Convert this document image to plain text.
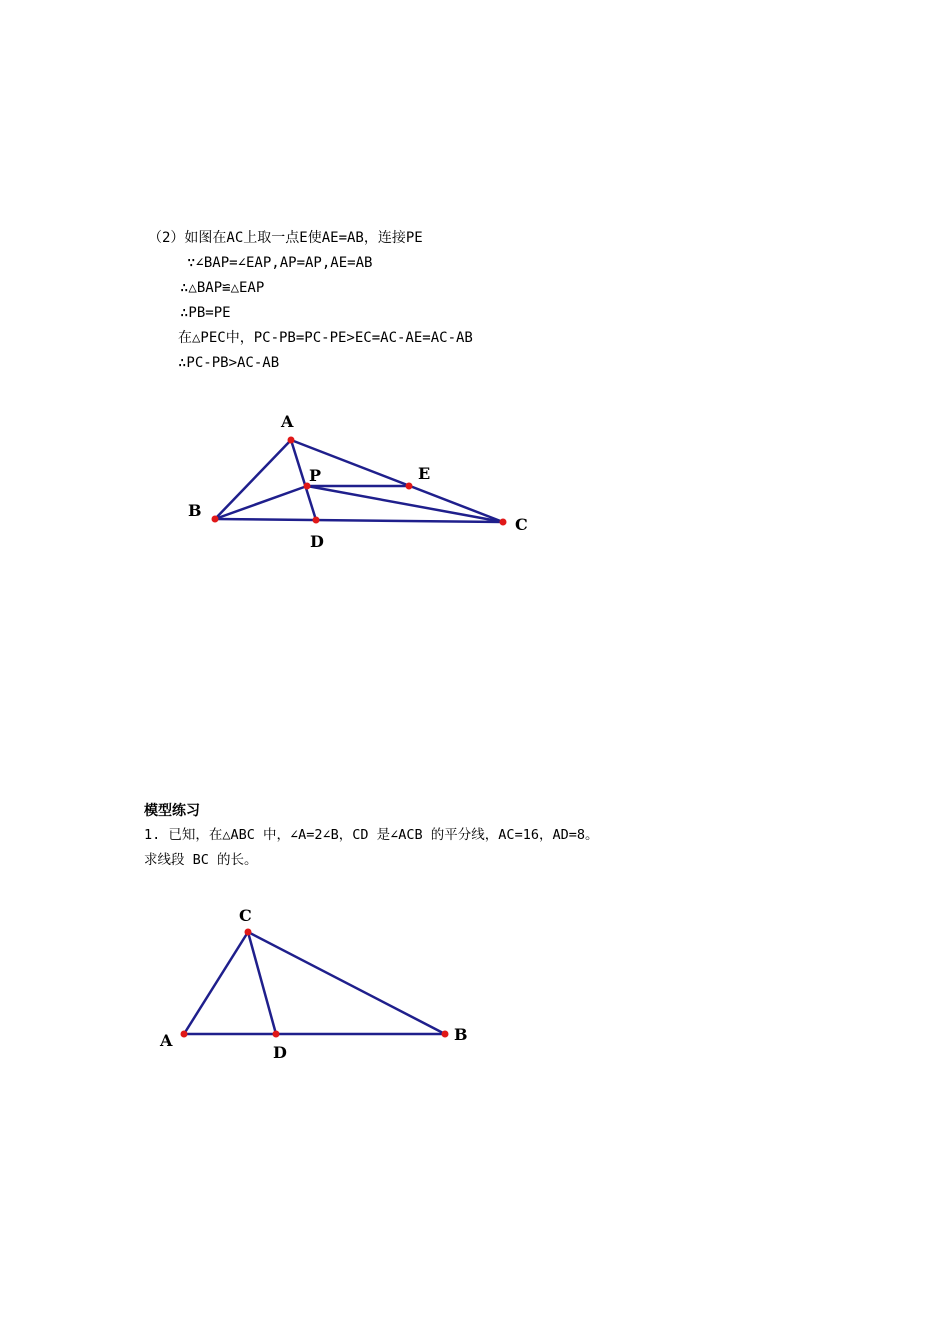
（2）如图在AC上取一点E使AE=AB，连接PE
∵∠BAP=∠EAP,AP=AP,AE=AB
∴△BAP≌△EAP
∴PB=PE
在△PEC中，PC-PB=PC-PE>EC=AC-AE=AC-AB
∴PC-PB>AC-AB
A
B
C
D
E
P
模型练习
1. 已知，在△ABC 中，∠A=2∠B，CD 是∠ACB 的平分线，AC=16，AD=8。
求线段 BC 的长。
C
A	B
D
